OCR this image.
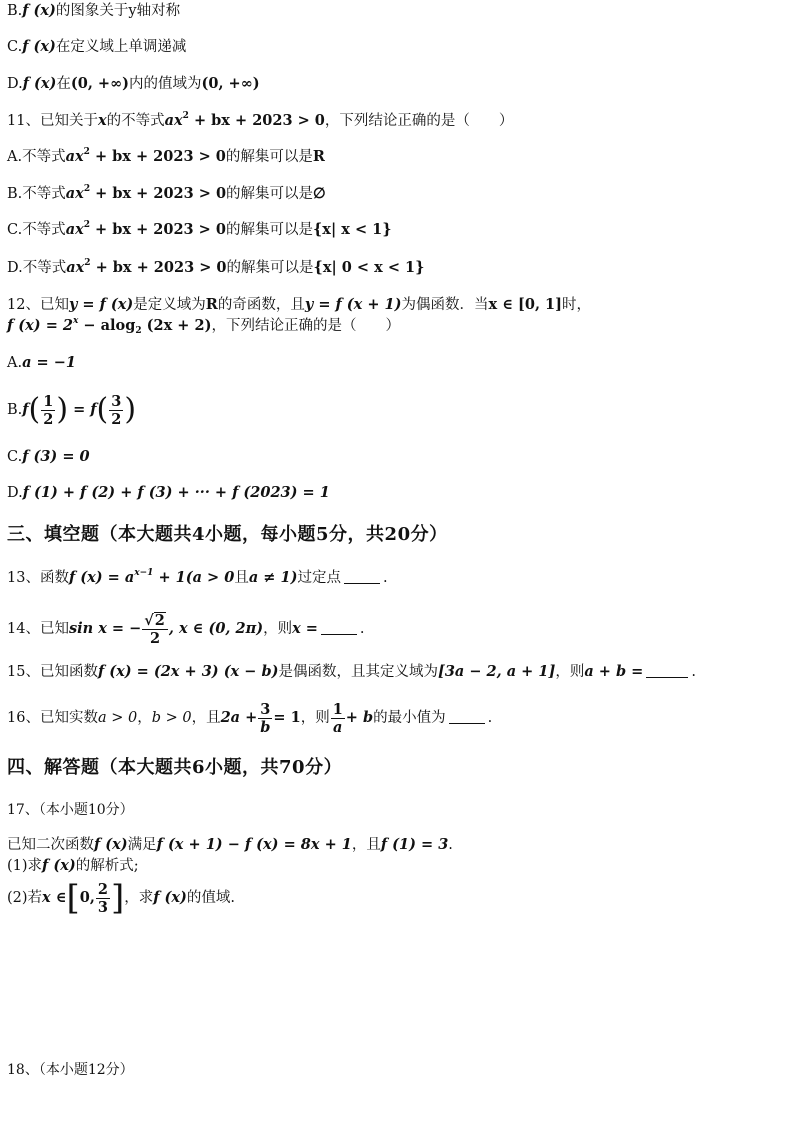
B.f (x)的图象关于y轴对称
C.f (x)在定义域上单调递减
D.f (x)在(0, +∞)内的值域为(0, +∞)
11、已知关于x的不等式$ax^2$ + bx + 2023 > 0，下列结论正确的是（　　）
A.不等式$ax^2$ + bx + 2023 > 0的解集可以是R
B.不等式$ax^2$ + bx + 2023 > 0的解集可以是∅
C.不等式$ax^2$ + bx + 2023 > 0的解集可以是{x| x < 1}
D.不等式$ax^2$ + bx + 2023 > 0的解集可以是{x| 0 < x < 1}
12、已知y = f (x)是定义域为R的奇函数，且y = f (x + 1)为偶函数．当x ∈ [0, 1]时，
f $(x) = 2^x - alog_2$ (2x + 2)，下列结论正确的是（　　）
A.a = −1
$B.f( \frac{1}{2}$ ) = $f( \frac{3}{2}$ )
C.f (3) = 0
D.f (1) + f (2) + f (3) + ··· + f (2023) = 1
三、填空题（本大题共4小题，每小题5分，共20分）
13、函数f $(x) = a^{x-1} + 1(a > 0$且a ≠ 1)过定点	.
14、已知sin x = − $\frac{√2}{2}$ , x ∈ (0, 2π)，则x =	.
15、已知函数f (x) = (2x + 3) (x − b)是偶函数，且其定义域为[3a − 2, a + 1]，则a + b =	.
16、已知实数a > 0，b > 0，且$2a + \frac{3}{b} = 1$，则 $\frac{1}{a} + b$的最小值为	.
四、解答题（本大题共6小题，共70分）
17、（本小题10分）
已知二次函数f (x)满足f (x + 1) − f (x) = 8x + 1，且f (1) = 3.
(1)求f (x)的解析式;
(2)若x ∈[0, $\frac{2}{3}$ ]，求f (x)的值域.
18、（本小题12分）
